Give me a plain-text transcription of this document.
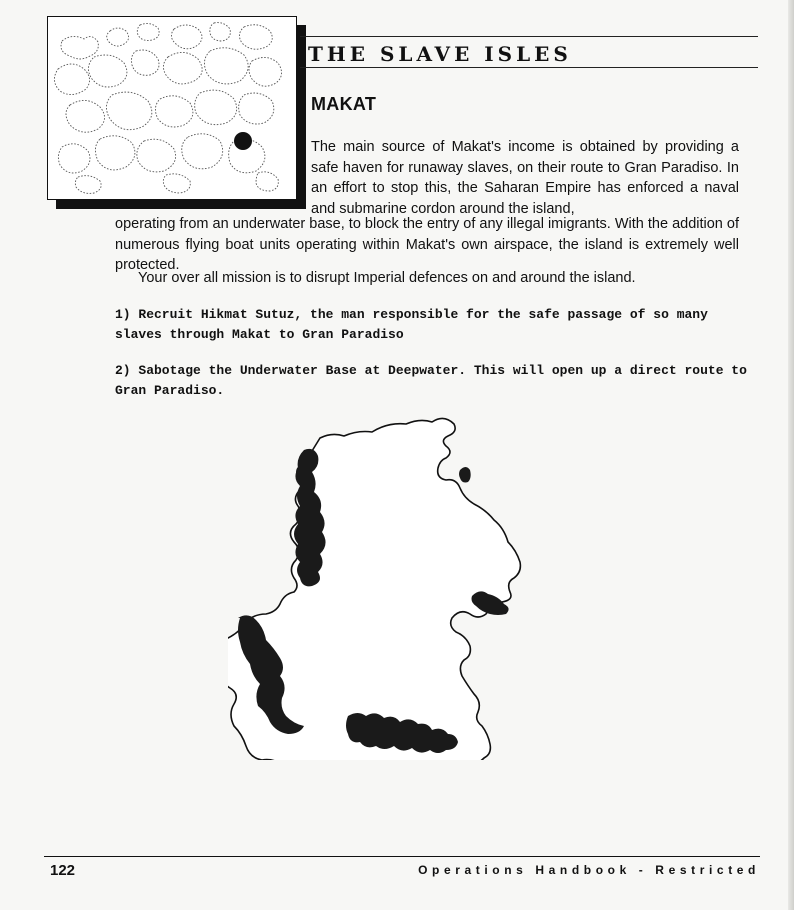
THE SLAVE ISLES
MAKAT

The main source of Makat's income is obtained by providing a safe haven for runaway slaves, on their route to Gran Paradiso. In an effort to stop this, the Saharan Empire has enforced a naval and submarine cordon around the island,

operating from an underwater base, to block the entry of any illegal imigrants. With the addition of numerous flying boat units operating within Makat's own airspace, the island is extremely well protected.

Your over all mission is to disrupt Imperial defences on and around the island.

1) Recruit Hikmat Sutuz, the man responsible for the safe passage of so many slaves through Makat to Gran Paradiso

2) Sabotage the Underwater Base at Deepwater. This will open up a direct route to Gran Paradiso.

122	Operations Handbook - Restricted
